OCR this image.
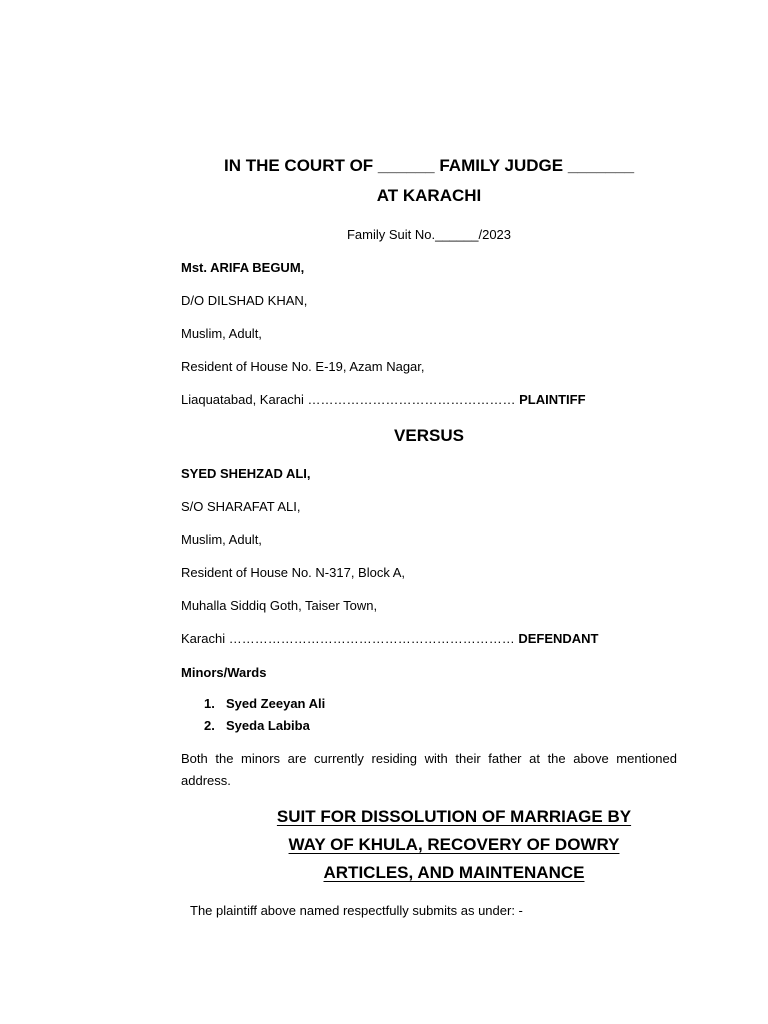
IN THE COURT OF ______ FAMILY JUDGE _______
AT KARACHI
Family Suit No.______/2023
Mst. ARIFA BEGUM,
D/O DILSHAD KHAN,
Muslim, Adult,
Resident of House No. E-19, Azam Nagar,
Liaquatabad, Karachi ………………………………………… PLAINTIFF
VERSUS
SYED SHEHZAD ALI,
S/O SHARAFAT ALI,
Muslim, Adult,
Resident of House No. N-317, Block A,
Muhalla Siddiq Goth, Taiser Town,
Karachi ………………………………………………………… DEFENDANT
Minors/Wards
1. Syed Zeeyan Ali
2. Syeda Labiba
Both the minors are currently residing with their father at the above mentioned address.
SUIT FOR DISSOLUTION OF MARRIAGE BY
WAY OF KHULA, RECOVERY OF DOWRY
ARTICLES, AND MAINTENANCE
The plaintiff above named respectfully submits as under: -
